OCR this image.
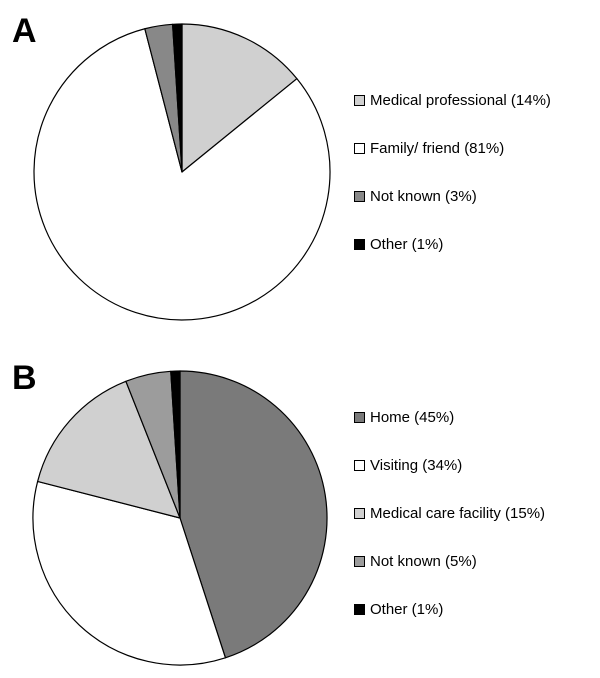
A
Medical professional (14%)
Family/ friend (81%)
Not known (3%)
Other (1%)
B
Home (45%)
Visiting (34%)
Medical care facility (15%)
Not known (5%)
Other (1%)
